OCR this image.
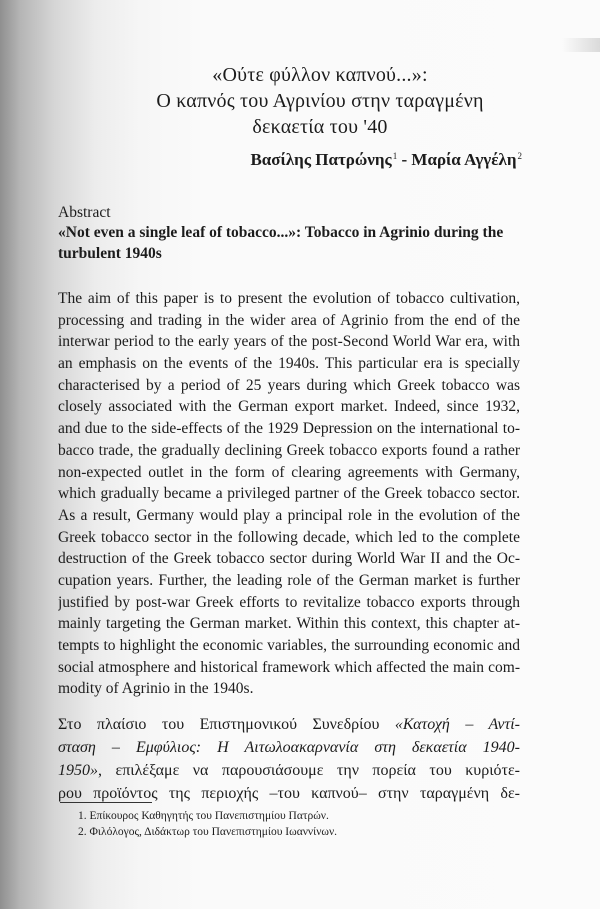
«Ούτε φύλλον καπνού...»:
Ο καπνός του Αγρινίου στην ταραγμένη
δεκαετία του '40
Βασίλης Πατρώνης$^1$ - Μαρία Αγγέλη$^2$
Abstract
«Not even a single leaf of tobacco...»: Tobacco in Agrinio during the
turbulent 1940s
The aim of this paper is to present the evolution of tobacco cultivation,
processing and trading in the wider area of Agrinio from the end of the
interwar period to the early years of the post-Second World War era, with
an emphasis on the events of the 1940s. This particular era is specially
characterised by a period of 25 years during which Greek tobacco was
closely associated with the German export market. Indeed, since 1932,
and due to the side-effects of the 1929 Depression on the international to-
bacco trade, the gradually declining Greek tobacco exports found a rather
non-expected outlet in the form of clearing agreements with Germany,
which gradually became a privileged partner of the Greek tobacco sector.
As a result, Germany would play a principal role in the evolution of the
Greek tobacco sector in the following decade, which led to the complete
destruction of the Greek tobacco sector during World War II and the Oc-
cupation years. Further, the leading role of the German market is further
justified by post-war Greek efforts to revitalize tobacco exports through
mainly targeting the German market. Within this context, this chapter at-
tempts to highlight the economic variables, the surrounding economic and
social atmosphere and historical framework which affected the main com-
modity of Agrinio in the 1940s.
Στο πλαίσιο του Επιστημονικού Συνεδρίου «Κατοχή – Αντί-
σταση – Εμφύλιος: Η Αιτωλοακαρνανία στη δεκαετία 1940-
1950», επιλέξαμε να παρουσιάσουμε την πορεία του κυριότε-
ρου προϊόντος της περιοχής –του καπνού– στην ταραγμένη δε-
1. Επίκουρος Καθηγητής του Πανεπιστημίου Πατρών.
2. Φιλόλογος, Διδάκτωρ του Πανεπιστημίου Ιωαννίνων.
